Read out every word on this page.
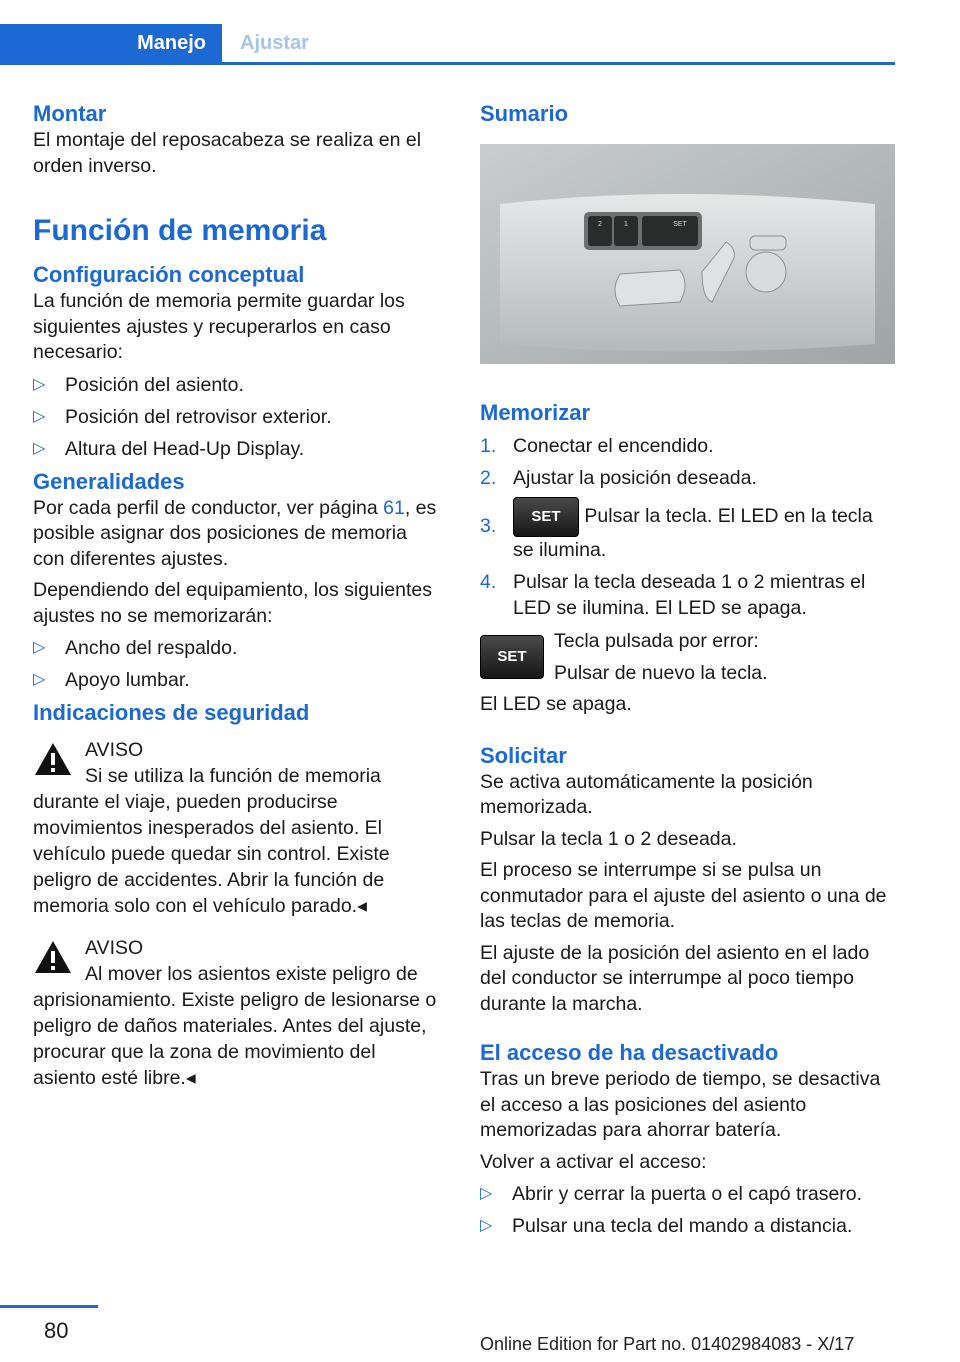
Manejo Ajustar
Montar

El montaje del reposacabeza se realiza en el orden inverso.

Función de memoria
Configuración conceptual

La función de memoria permite guardar los siguientes ajustes y recuperarlos en caso necesario:

▷ Posición del asiento.
▷ Posición del retrovisor exterior.
▷ Altura del Head-Up Display.
Generalidades

Por cada perfil de conductor, ver página 61, es posible asignar dos posiciones de memoria con diferentes ajustes.

Dependiendo del equipamiento, los siguientes ajustes no se memorizarán:

▷ Ancho del respaldo.
▷ Apoyo lumbar.
Indicaciones de seguridad

AVISO

Si se utiliza la función de memoria durante el viaje, pueden producirse movimientos inesperados del asiento. El vehículo puede quedar sin control. Existe peligro de accidentes. Abrir la función de memoria solo con el vehículo parado.◂

AVISO

Al mover los asientos existe peligro de aprisionamiento. Existe peligro de lesionarse o peligro de daños materiales. Antes del ajuste, procurar que la zona de movimiento del asiento esté libre.◂

Sumario
2	1	SET
Memorizar
1. Conectar el encendido.
2. Ajustar la posición deseada.
3. SET Pulsar la tecla. El LED en la tecla se ilumina.
4. Pulsar la tecla deseada 1 o 2 mientras el LED se ilumina. El LED se apaga.
SET

Tecla pulsada por error:

Pulsar de nuevo la tecla.

El LED se apaga.

Solicitar

Se activa automáticamente la posición memorizada.

Pulsar la tecla 1 o 2 deseada.

El proceso se interrumpe si se pulsa un conmutador para el ajuste del asiento o una de las teclas de memoria.

El ajuste de la posición del asiento en el lado del conductor se interrumpe al poco tiempo durante la marcha.

El acceso de ha desactivado

Tras un breve periodo de tiempo, se desactiva el acceso a las posiciones del asiento memorizadas para ahorrar batería.

Volver a activar el acceso:

▷ Abrir y cerrar la puerta o el capó trasero.
▷ Pulsar una tecla del mando a distancia.
80
Online Edition for Part no. 01402984083 - X/17
